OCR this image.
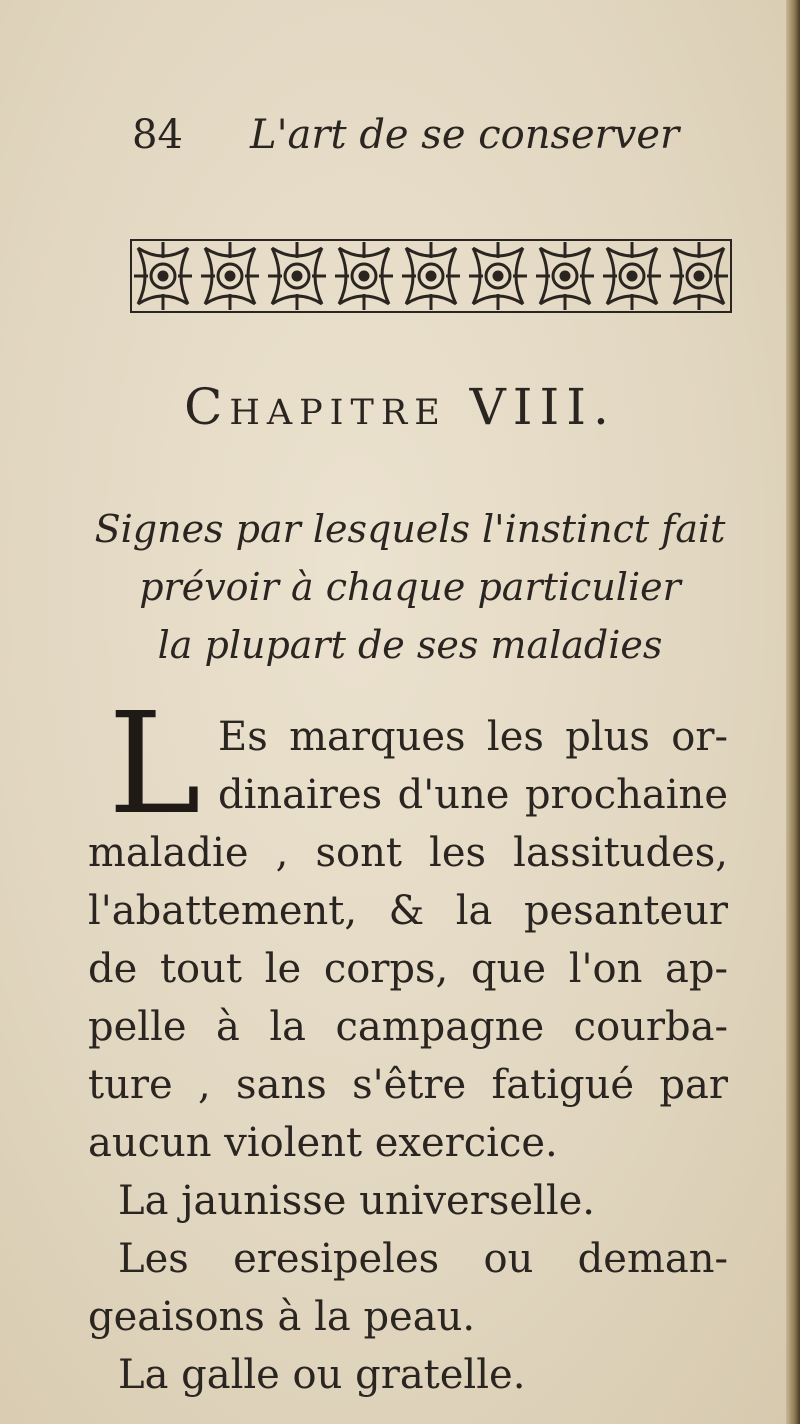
84 L'art de se conserver
Chapitre VIII.
Signes par lesquels l'instinct fait
prévoir à chaque particulier
la plupart de ses maladies
L Es marques les plus or-
dinaires d'une prochaine
maladie , sont les lassitudes,
l'abattement, & la pesanteur
de tout le corps, que l'on ap-
pelle à la campagne courba-
ture , sans s'être fatigué par
aucun violent exercice.
La jaunisse universelle.
Les eresipeles ou deman-
geaisons à la peau.
La galle ou gratelle.
